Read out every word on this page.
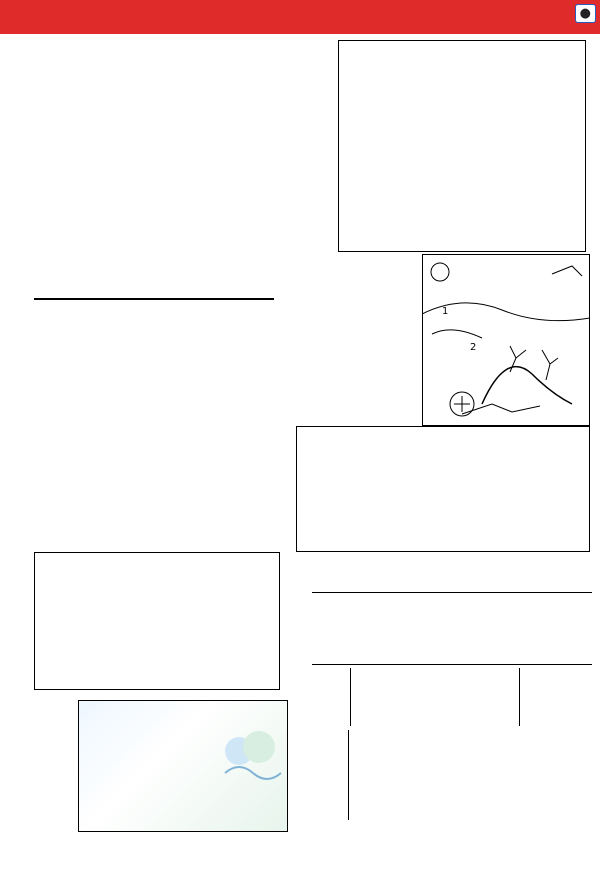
●
1
2
